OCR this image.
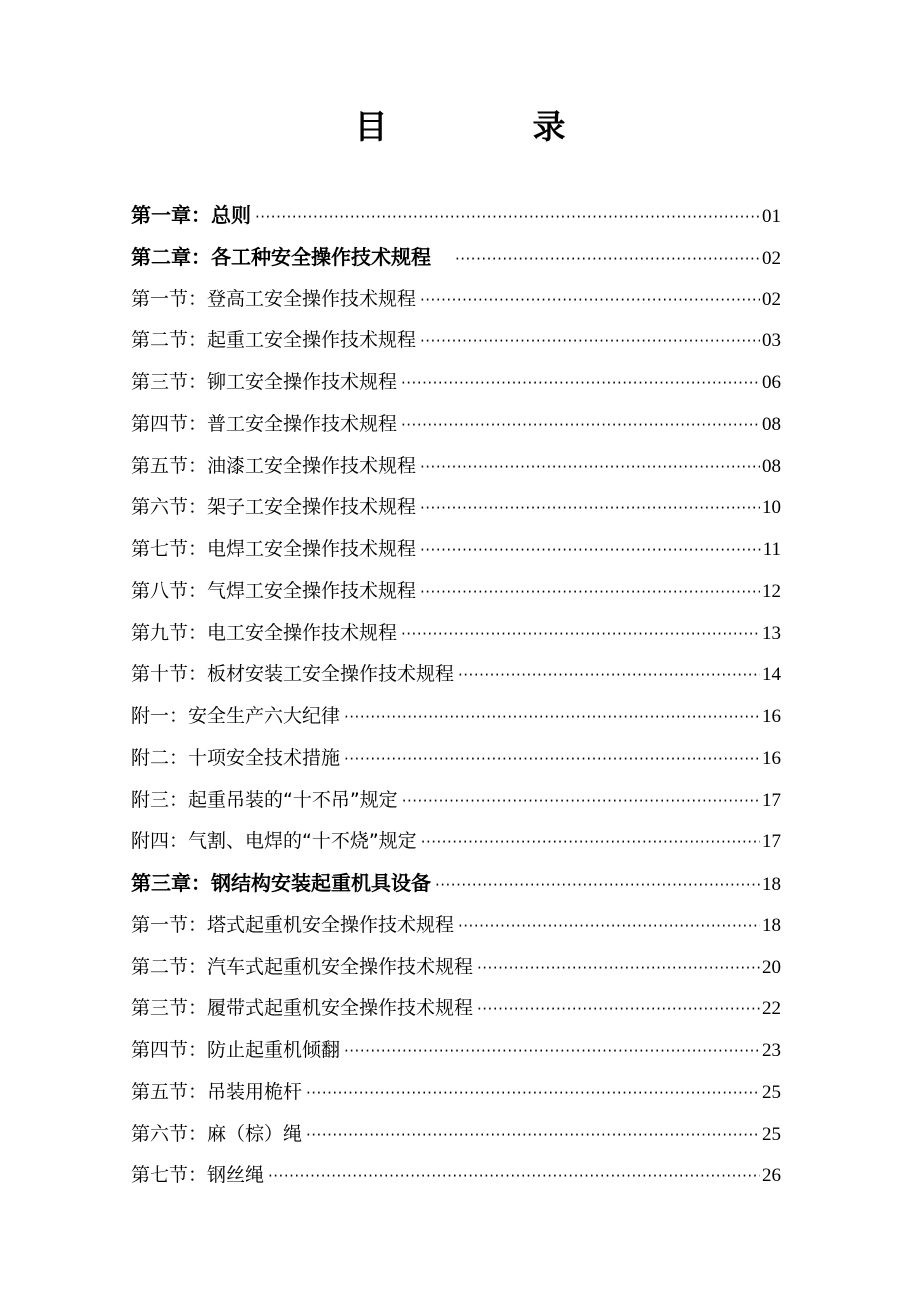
目　录
第一章：总则 ·····	01
第二章：各工种安全操作技术规程 ·····	02
第一节：登高工安全操作技术规程 ·····	02
第二节：起重工安全操作技术规程 ·····	03
第三节：铆工安全操作技术规程 ·····	06
第四节：普工安全操作技术规程 ·····	08
第五节：油漆工安全操作技术规程 ·····	08
第六节：架子工安全操作技术规程 ·····	10
第七节：电焊工安全操作技术规程 ·····	11
第八节：气焊工安全操作技术规程 ·····	12
第九节：电工安全操作技术规程 ·····	13
第十节：板材安装工安全操作技术规程 ·····	14
附一：安全生产六大纪律 ·····	16
附二：十项安全技术措施 ·····	16
附三：起重吊装的“十不吊”规定 ·····	17
附四：气割、电焊的“十不烧”规定 ·····	17
第三章：钢结构安装起重机具设备 ·····	18
第一节：塔式起重机安全操作技术规程 ·····	18
第二节：汽车式起重机安全操作技术规程 ·····	20
第三节：履带式起重机安全操作技术规程 ·····	22
第四节：防止起重机倾翻 ·····	23
第五节：吊装用桅杆 ·····	25
第六节：麻（棕）绳 ·····	25
第七节：钢丝绳 ·····	26
